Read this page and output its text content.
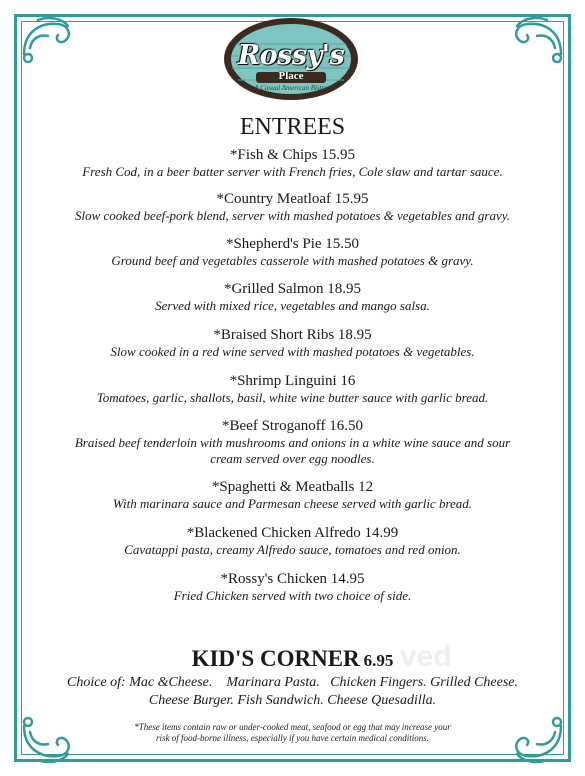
Rossy's
Place
A Casual American Bistro
ENTREES
*Fish & Chips 15.95
Fresh Cod, in a beer batter server with French fries, Cole slaw and tartar sauce.
*Country Meatloaf 15.95
Slow cooked beef-pork blend, server with mashed potatoes & vegetables and gravy.
*Shepherd's Pie 15.50
Ground beef and vegetables casserole with mashed potatoes & gravy.
*Grilled Salmon 18.95
Served with mixed rice, vegetables and mango salsa.
*Braised Short Ribs 18.95
Slow cooked in a red wine served with mashed potatoes & vegetables.
*Shrimp Linguini 16
Tomatoes, garlic, shallots, basil, white wine butter sauce with garlic bread.
*Beef Stroganoff 16.50
Braised beef tenderloin with mushrooms and onions in a white wine sauce and sour cream served over egg noodles.
*Spaghetti & Meatballs 12
With marinara sauce and Parmesan cheese served with garlic bread.
*Blackened Chicken Alfredo 14.99
Cavatappi pasta, creamy Alfredo sauce, tomatoes and red onion.
*Rossy's Chicken 14.95
Fried Chicken served with two choice of side.
ved
KID'S CORNER 6.95
Choice of: Mac &Cheese.    Marinara Pasta.   Chicken Fingers. Grilled Cheese.
Cheese Burger. Fish Sandwich. Cheese Quesadilla.
*These items contain raw or under-cooked meat, seafood or egg that may increase your
risk of food-borne illness, especially if you have certain medical conditions.
